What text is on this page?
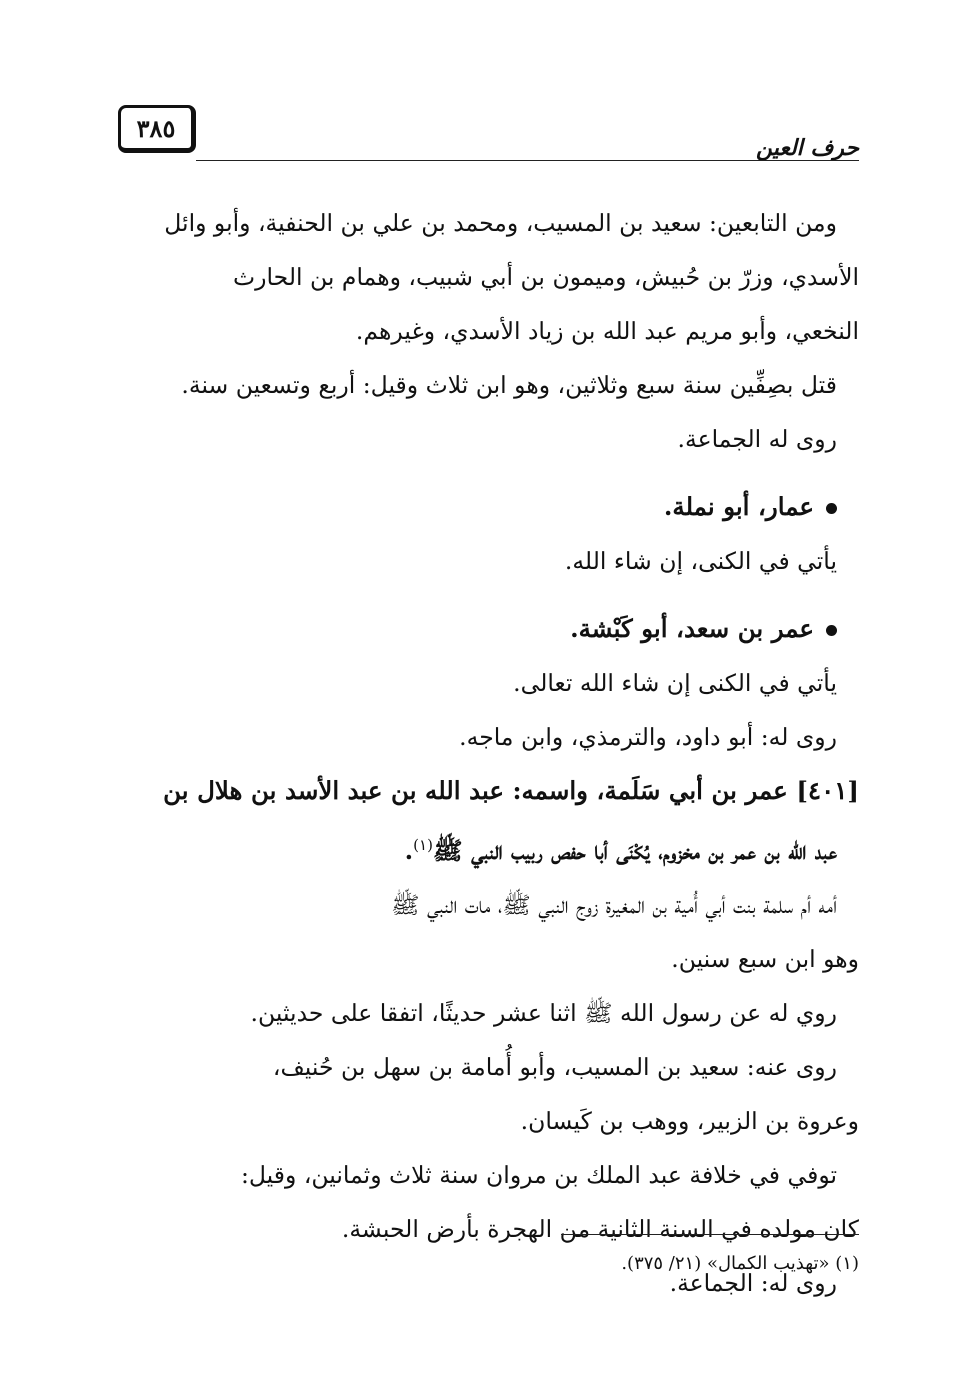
٣٨٥
حرف العين

ومن التابعين: سعيد بن المسيب، ومحمد بن علي بن الحنفية، وأبو وائل

الأسدي، وزرّ بن حُبيش، وميمون بن أبي شبيب، وهمام بن الحارث

النخعي، وأبو مريم عبد الله بن زياد الأسدي، وغيرهم.

قتل بصِفِّين سنة سبع وثلاثين، وهو ابن ثلاث وقيل: أربع وتسعين سنة.

روى له الجماعة.

عمار، أبو نملة.

يأتي في الكنى، إن شاء الله.

عمر بن سعد، أبو كَبْشة.

يأتي في الكنى إن شاء الله تعالى.

روى له: أبو داود، والترمذي، وابن ماجه.

[٤٠١] عمر بن أبي سَلَمة، واسمه: عبد الله بن عبد الأسد بن هلال بن

عبد الله بن عمر بن مخزوم، يُكْنَى أبا حفص ربيب النبي ﷺ$^{(١)}$.

أمه أم سلمة بنت أبي أُمية بن المغيرة زوج النبي ﷺ، مات النبي ﷺ

وهو ابن سبع سنين.

روي له عن رسول الله ﷺ اثنا عشر حديثًا، اتفقا على حديثين.

روى عنه: سعيد بن المسيب، وأبو أُمامة بن سهل بن حُنيف،

وعروة بن الزبير، ووهب بن كَيسان.

توفي في خلافة عبد الملك بن مروان سنة ثلاث وثمانين، وقيل:

كان مولده في السنة الثانية من الهجرة بأرض الحبشة.

روى له: الجماعة.

(١) «تهذيب الكمال» (٢١/ ٣٧٥).
